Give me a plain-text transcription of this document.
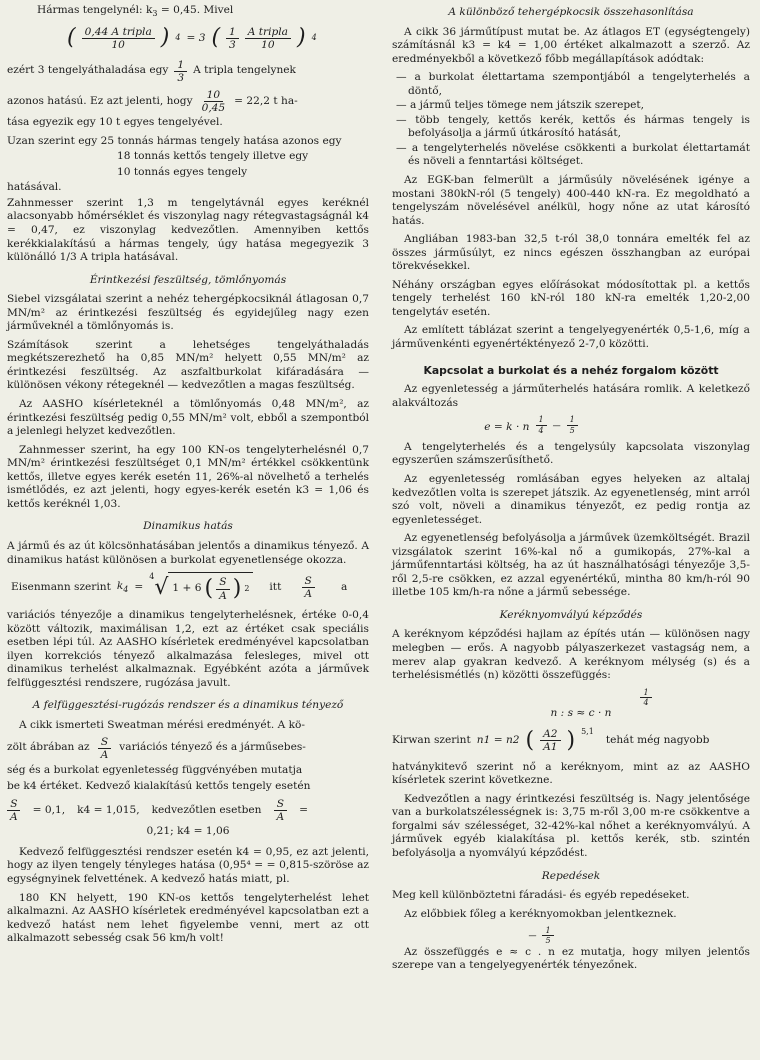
Hármas tengelynél: $k_3 = 0,45$. Mivel

( $\frac{\text{0,44 A tripla}}{10}$ ) 4 = 3 ( $\frac{1}{3} \frac{\text{A tripla}}{10}$ ) 4

ezért 3 tengelyáthaladása egy $\frac{1}{3}$ A tripla tengelynek

azonos hatású. Ez azt jelenti, hogy $\frac{10}{0,45} = 22,2$ t ha-

tása egyezik egy 10 t egyes tengelyével.

Uzan szerint egy 25 tonnás hármas tengely hatása azonos egy

18 tonnás kettős tengely illetve egy
10 tonnás egyes tengely

hatásával.

Zahnmesser szerint 1,3 m tengelytávnál egyes keréknél alacsonyabb hőmérséklet és viszonylag nagy rétegvastagságnál k4 = 0,47, ez viszonylag kedvezőtlen. Amennyiben kettős kerékkialakítású a hármas tengely, úgy hatása megegyezik 3 különálló 1/3 A tripla hatásával.

Érintkezési feszültség, tömlőnyomás

Siebel vizsgálatai szerint a nehéz tehergépkocsiknál átlagosan 0,7 MN/m² az érintkezési feszültség és egyidejűleg nagy ezen járműveknél a tömlőnyomás is.

Számítások szerint a lehetséges tengelyáthaladás megkétszerezhető ha 0,85 MN/m² helyett 0,55 MN/m² az érintkezési feszültség. Az aszfaltburkolat kifáradására — különösen vékony rétegeknél — kedvezőtlen a magas feszültség.

Az AASHO kísérleteknél a tömlőnyomás 0,48 MN/m², az érintkezési feszültség pedig 0,55 MN/m² volt, ebből a szempontból a jelenlegi helyzet kedvezőtlen.

Zahnmesser szerint, ha egy 100 KN-os tengelyterhelésnél 0,7 MN/m² érintkezési feszültséget 0,1 MN/m² értékkel csökkentünk kettős, illetve egyes kerék esetén 11, 26%-al növelhető a terhelés ismétlődés, ez azt jelenti, hogy egyes-kerék esetén k3 = 1,06 és kettős keréknél 1,03.

Dinamikus hatás

A jármű és az út kölcsönhatásában jelentős a dinamikus tényező. A dinamikus hatást különösen a burkolat egyenetlensége okozza.

Eisenmann szerint $k_4$ =
4 √ 1 + 6 ( $\frac{S}{A}$ ) 2	itt $\frac{S}{A}$	a

variációs tényezője a dinamikus tengelyterhelésnek, értéke 0-0,4 között változik, maximálisan 1,2, ezt az értéket csak speciális esetben lépi túl. Az AASHO kísérletek eredményével kapcsolatban ilyen korrekciós tényező alkalmazása felesleges, mivel ott dinamikus terhelést alkalmaznak. Egyébként azóta a járművek felfüggesztési rendszere, rugózása javult.

A felfüggesztési-rugózás rendszer és a dinamikus tényező

A cikk ismerteti Sweatman mérési eredményét. A kö-

zölt ábrában az $\frac{S}{A}$ variációs tényező és a járműsebes-

ség és a burkolat egyenletesség függvényében mutatja

be k4 értéket. Kedvező kialakítású kettős tengely esetén

$\frac{S}{A} = 0,1$, k4 = 1,015, kedvezőtlen esetben $\frac{S}{A}$ =

0,21; k4 = 1,06

Kedvező felfüggesztési rendszer esetén k4 = 0,95, ez azt jelenti, hogy az ilyen tengely tényleges hatása (0,95⁴ = = 0,815-szöröse az egységnyinek felvettének. A kedvező hatás miatt, pl.

180 KN helyett, 190 KN-os kettős tengelyterhelést lehet alkalmazni. Az AASHO kísérletek eredményével kapcsolatban ezt a kedvező hatást nem lehet figyelembe venni, mert az ott alkalmazott sebesség csak 56 km/h volt!

A különböző tehergépkocsik összehasonlítása

A cikk 36 járműtípust mutat be. Az átlagos ET (egységtengely) számításnál k3 = k4 = 1,00 értéket alkalmazott a szerző. Az eredményekből a következő főbb megállapítások adódtak:

— a burkolat élettartama szempontjából a tengelyterhelés a döntő,
— a jármű teljes tömege nem játszik szerepet,
— több tengely, kettős kerék, kettős és hármas tengely is befolyásolja a jármű útkárosító hatását,
— a tengelyterhelés növelése csökkenti a burkolat élettartamát és növeli a fenntartási költséget.

Az EGK-ban felmerült a járműsúly növelésének igénye a mostani 380kN-ról (5 tengely) 400-440 kN-ra. Ez megoldható a tengelyszám növelésével anélkül, hogy nőne az utat károsító hatás.

Angliában 1983-ban 32,5 t-ról 38,0 tonnára emelték fel az összes járműsúlyt, ez nincs egészen összhangban az európai törekvésekkel.

Néhány országban egyes előírásokat módosítottak pl. a kettős tengely terhelést 160 kN-ról 180 kN-ra emelték 1,20-2,00 tengelytáv esetén.

Az említett táblázat szerint a tengelyegyenérték 0,5-1,6, míg a járművenkénti egyenértéktényező 2-7,0 közötti.

Kapcsolat a burkolat és a nehéz forgalom között

Az egyenletesség a járműterhelés hatására romlik. A keletkező alakváltozás

e = k · n $\frac{1}{4}$ — $\frac{1}{5}$

A tengelyterhelés és a tengelysúly kapcsolata viszonylag egyszerűen számszerűsíthető.

Az egyenletesség romlásában egyes helyeken az altalaj kedvezőtlen volta is szerepet játszik. Az egyenetlenség, mint arról szó volt, növeli a dinamikus tényezőt, ez pedig rontja az egyenletességet.

Az egyenetlenség befolyásolja a járművek üzemköltségét. Brazil vizsgálatok szerint 16%-kal nő a gumikopás, 27%-kal a járműfenntartási költség, ha az út használhatósági tényezője 3,5-ről 2,5-re csökken, ez azzal egyenértékű, mintha 80 km/h-ról 90 illetbe 105 km/h-ra nőne a jármű sebessége.

Keréknyomvályú képződés

A keréknyom képződési hajlam az építés után — különösen nagy melegben — erős. A nagyobb pályaszerkezet vastagság nem, a merev alap gyakran kedvező. A keréknyom mélység (s) és a terhelésismétlés (n) közötti összefüggés:

$\frac{1}{4}$
n : s ≈ c · n
Kirwan szerint n1 = n2 ( $\frac{A2}{A1}$ ) 5,1
tehát még nagyobb

hatványkitevő szerint nő a keréknyom, mint az az AASHO kísérletek szerint következne.

Kedvezőtlen a nagy érintkezési feszültség is. Nagy jelentősége van a burkolatszélességnek is: 3,75 m-ről 3,00 m-re csökkentve a forgalmi sáv szélességet, 32-42%-kal nőhet a keréknyomvályú. A járművek egyéb kialakítása pl. kettős kerék, stb. szintén befolyásolja a nyomvályú képződést.

Repedések

Meg kell különböztetni fáradási- és egyéb repedéseket.

Az előbbiek főleg a keréknyomokban jelentkeznek.

— $\frac{1}{5}$

Az összefüggés e ≈ c . n ez mutatja, hogy milyen jelentős szerepe van a tengelyegyenérték tényezőnek.
